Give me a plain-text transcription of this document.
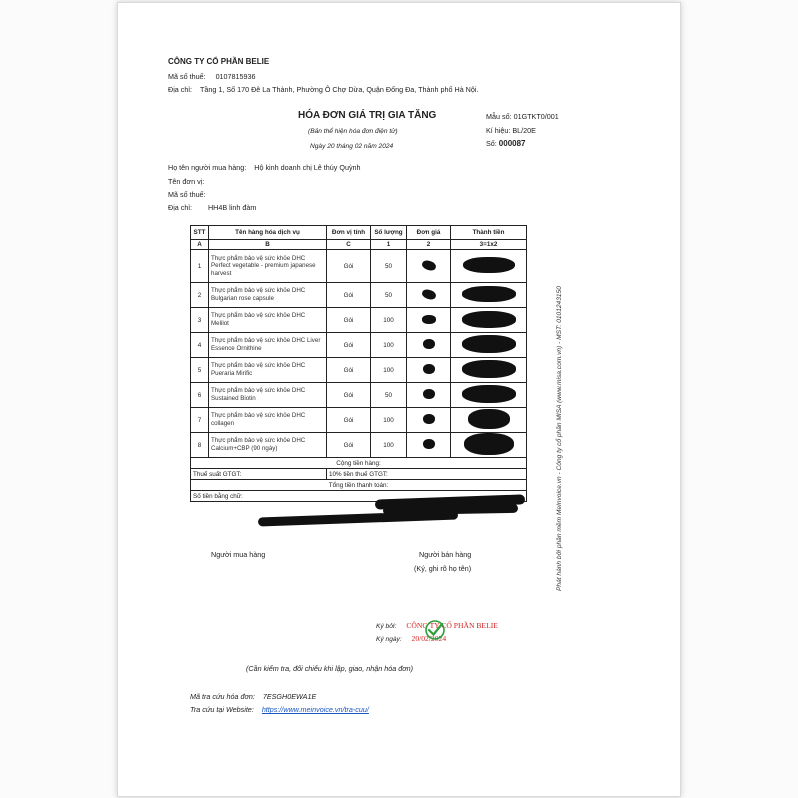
CÔNG TY CỔ PHẦN BELIE
Mã số thuế: 0107815936
Địa chỉ: Tầng 1, Số 170 Đê La Thành, Phường Ô Chợ Dừa, Quận Đống Đa, Thành phố Hà Nội.
HÓA ĐƠN GIÁ TRỊ GIA TĂNG
(Bản thể hiện hóa đơn điện tử)
Ngày 20 tháng 02 năm 2024
Mẫu số: 01GTKT0/001
Kí hiệu: BL/20E
Số: 000087
Họ tên người mua hàng: Hộ kinh doanh chị Lê thúy Quỳnh
Tên đơn vị:
Mã số thuế:
Địa chỉ: HH4B linh đàm
STT	Tên hàng hóa dịch vụ	Đơn vị tính	Số lượng	Đơn giá	Thành tiền
A	B	C	1	2	3=1x2
1	Thực phẩm bảo vệ sức khỏe DHC Perfect vegetable - premium japanese harvest	Gói	50		
2	Thực phẩm bảo vệ sức khỏe DHC Bulgarian rose capsule	Gói	50		
3	Thực phẩm bảo vệ sức khỏe DHC Melilot	Gói	100		
4	Thực phẩm bảo vệ sức khỏe DHC Liver Essence Ornithine	Gói	100		
5	Thực phẩm bảo vệ sức khỏe DHC Pueraria Mirific	Gói	100		
6	Thực phẩm bảo vệ sức khỏe DHC Sustained Biotin	Gói	50		
7	Thực phẩm bảo vệ sức khỏe DHC collagen	Gói	100		
8	Thực phẩm bảo vệ sức khỏe DHC Calcium+CBP (90 ngày)	Gói	100		
Cộng tiền hàng:					
Thuế suất GTGT:		10% tiền thuế GTGT:			
Tổng tiền thanh toán:					
Số tiền bằng chữ:					
Người mua hàng	Người bán hàng
(Ký, ghi rõ họ tên)
Ký bởi: CÔNG TY CỔ PHẦN BELIE
Ký ngày: 20/02/2024
(Cần kiểm tra, đối chiếu khi lập, giao, nhận hóa đơn)
Mã tra cứu hóa đơn: 7ESGH0EWA1E
Tra cứu tại Website: https://www.meinvoice.vn/tra-cuu/
Phát hành bởi phần mềm MeInvoice.vn - Công ty cổ phần MISA (www.misa.com.vn) - MST: 0101243150
